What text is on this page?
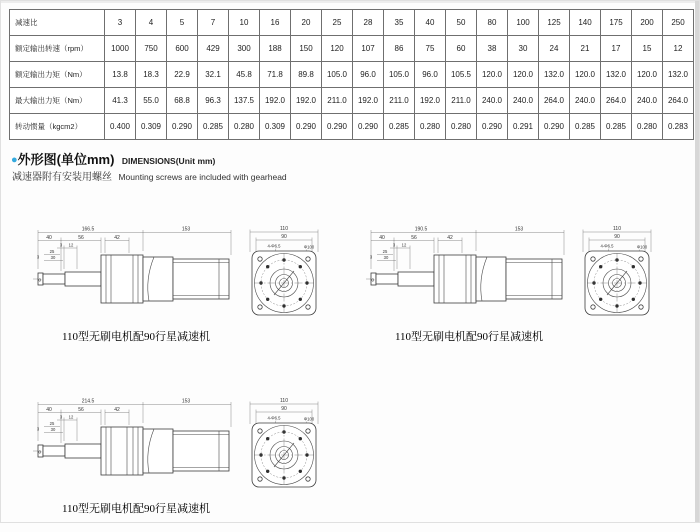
减速比	3	4	5	7	10	16	20	25	28	35	40	50	80	100	125	140	175	200	250
额定输出转速（rpm）	1000	750	600	429	300	188	150	120	107	86	75	60	38	30	24	21	17	15	12
额定输出力矩（Nm）	13.8	18.3	22.9	32.1	45.8	71.8	89.8	105.0	96.0	105.0	96.0	105.5	120.0	120.0	132.0	120.0	132.0	120.0	132.0
最大输出力矩（Nm）	41.3	55.0	68.8	96.3	137.5	192.0	192.0	211.0	192.0	211.0	192.0	211.0	240.0	240.0	264.0	240.0	264.0	240.0	264.0
转动惯量（kgcm2）	0.400	0.309	0.290	0.285	0.280	0.309	0.290	0.290	0.290	0.285	0.280	0.280	0.290	0.291	0.290	0.285	0.285	0.280	0.283
●外形图(单位mm) DIMENSIONS(Unit mm)
减速器附有安装用螺丝 Mounting screws are included with gearhead
166.5	153
40	56	42
3 12
25
30
3
Φ
110
90
4-Φ6.5	Φ100
110型无刷电机配90行星减速机
190.5	153
40	56	42
3 12
25
30
3
Φ
110
90
4-Φ6.5	Φ100
110型无刷电机配90行星减速机
214.5	153
40	56	42
3 12
25
30
3
Φ
110
90
4-Φ6.5	Φ100
110型无刷电机配90行星减速机
